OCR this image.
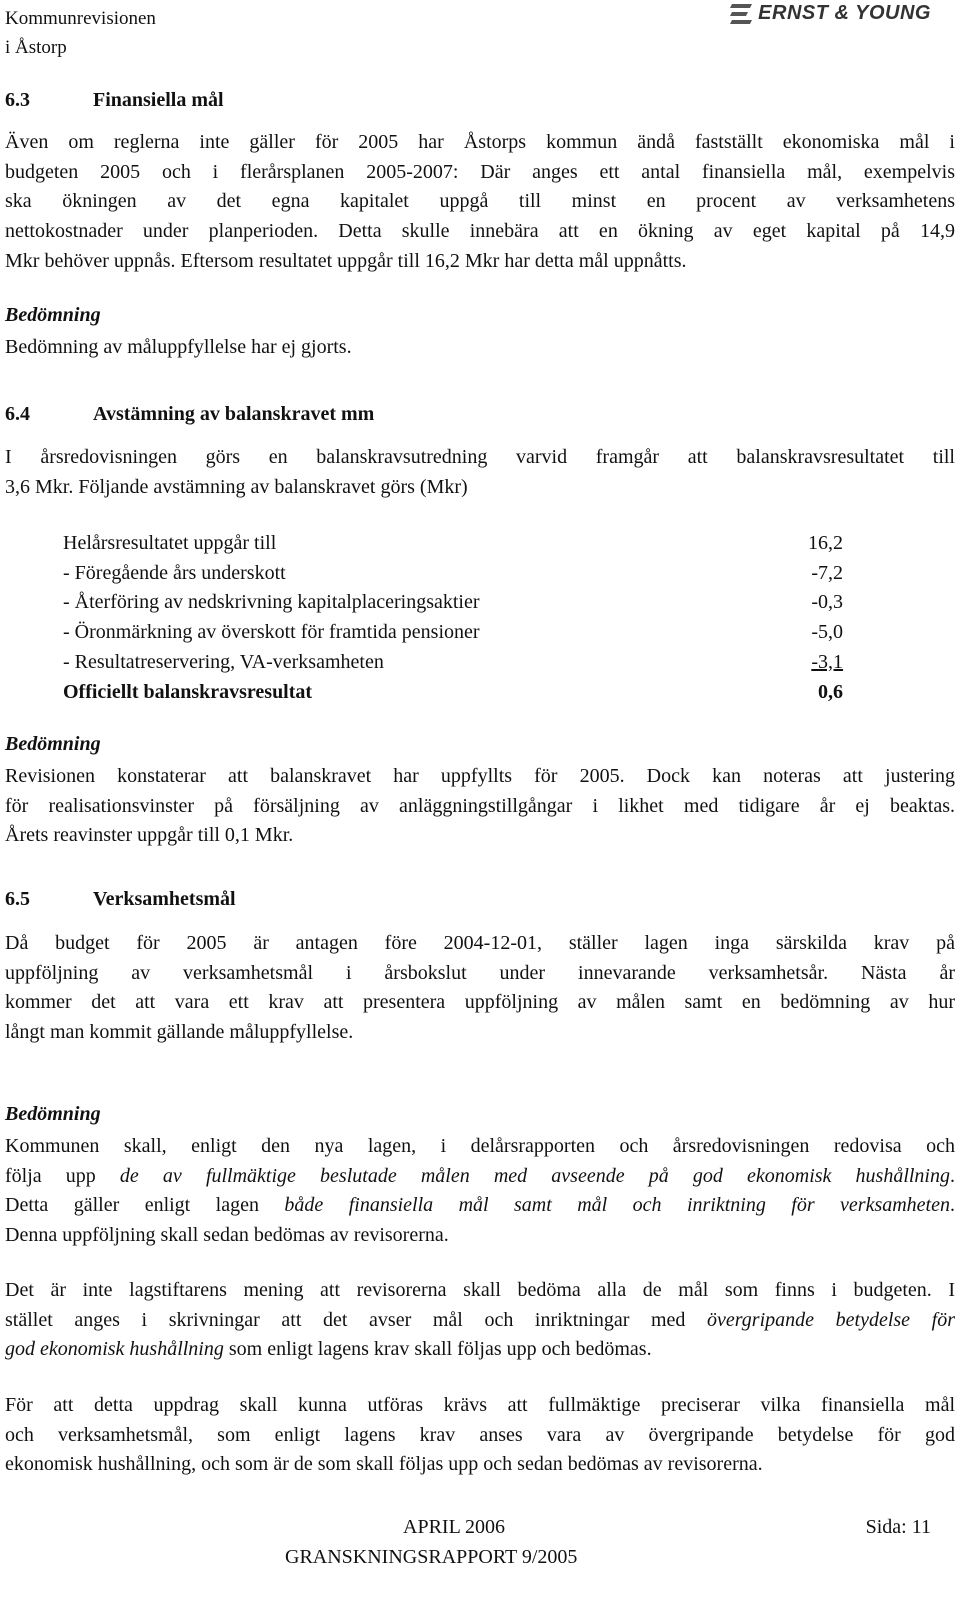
Kommunrevisionen
i Åstorp
ERNST & YOUNG
6.3	Finansiella mål
Även om reglerna inte gäller för 2005 har Åstorps kommun ändå fastställt ekonomiska mål i
budgeten 2005 och i flerårsplanen 2005-2007: Där anges ett antal finansiella mål, exempelvis
ska ökningen av det egna kapitalet uppgå till minst en procent av verksamhetens
nettokostnader under planperioden. Detta skulle innebära att en ökning av eget kapital på 14,9
Mkr behöver uppnås. Eftersom resultatet uppgår till 16,2 Mkr har detta mål uppnåtts.
Bedömning
Bedömning av måluppfyllelse har ej gjorts.
6.4	Avstämning av balanskravet mm
I årsredovisningen görs en balanskravsutredning varvid framgår att balanskravsresultatet till
3,6 Mkr. Följande avstämning av balanskravet görs (Mkr)
Helårsresultatet uppgår till	16,2
- Föregående års underskott	-7,2
- Återföring av nedskrivning kapitalplaceringsaktier	-0,3
- Öronmärkning av överskott för framtida pensioner	-5,0
- Resultatreservering, VA-verksamheten	-3,1
Officiellt balanskravsresultat	0,6
Bedömning
Revisionen konstaterar att balanskravet har uppfyllts för 2005. Dock kan noteras att justering
för realisationsvinster på försäljning av anläggningstillgångar i likhet med tidigare år ej beaktas.
Årets reavinster uppgår till 0,1 Mkr.
6.5	Verksamhetsmål
Då budget för 2005 är antagen före 2004-12-01, ställer lagen inga särskilda krav på
uppföljning av verksamhetsmål i årsbokslut under innevarande verksamhetsår. Nästa år
kommer det att vara ett krav att presentera uppföljning av målen samt en bedömning av hur
långt man kommit gällande måluppfyllelse.
Bedömning
Kommunen skall, enligt den nya lagen, i delårsrapporten och årsredovisningen redovisa och
följa upp de av fullmäktige beslutade målen med avseende på god ekonomisk hushållning.
Detta gäller enligt lagen både finansiella mål samt mål och inriktning för verksamheten.
Denna uppföljning skall sedan bedömas av revisorerna.
Det är inte lagstiftarens mening att revisorerna skall bedöma alla de mål som finns i budgeten. I
stället anges i skrivningar att det avser mål och inriktningar med övergripande betydelse för
god ekonomisk hushållning som enligt lagens krav skall följas upp och bedömas.
För att detta uppdrag skall kunna utföras krävs att fullmäktige preciserar vilka finansiella mål
och verksamhetsmål, som enligt lagens krav anses vara av övergripande betydelse för god
ekonomisk hushållning, och som är de som skall följas upp och sedan bedömas av revisorerna.
APRIL 2006	Sida: 11
GRANSKNINGSRAPPORT 9/2005
